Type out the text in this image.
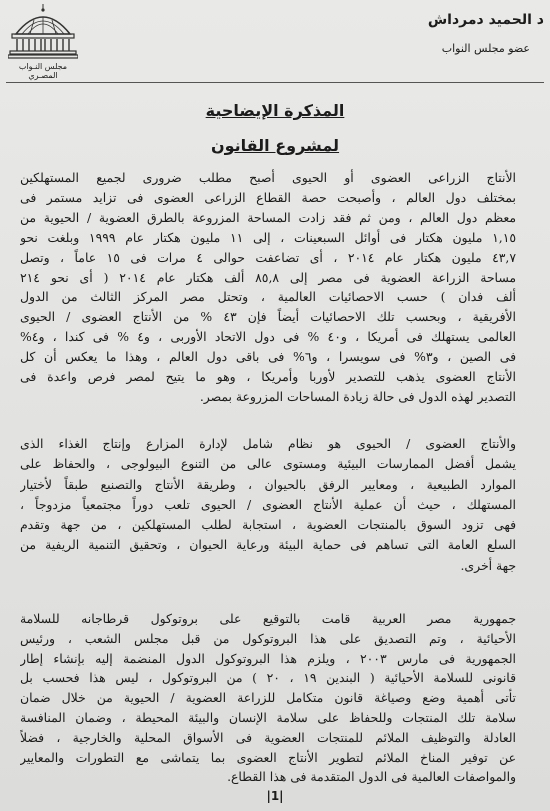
د الحميد دمرداش
عضو مجلس النواب
مجلس النـواب المصـري
المذكرة الإيضاحية
لمشروع القانون
الأنتاج الزراعى العضوى أو الحيوى أصبح مطلب ضرورى لجميع المستهلكين
بمختلف دول العالم ، وأصبحت حصة القطاع الزراعى العضوى فى تزايد مستمر فى
معظم دول العالم ، ومن ثم فقد زادت المساحة المزروعة بالطرق العضوية / الحيوية من
١,١٥ مليون هكتار فى أوائل السبعينات ، إلى ١١ مليون هكتار عام ١٩٩٩ وبلغت نحو
٤٣,٧ مليون هكتار عام ٢٠١٤ ، أى تضاعفت حوالى ٤ مرات فى ١٥ عاماً ، وتصل
مساحة الزراعة العضوية فى مصر إلى ٨٥,٨ ألف هكتار عام ٢٠١٤ ( أى نحو ٢١٤
ألف فدان ) حسب الاحصائيات العالمية ، وتحتل مصر المركز الثالث من الدول
الأفريقية ، وبحسب تلك الاحصائيات أيضاً فإن ٤٣ % من الأنتاج العضوى / الحيوى
العالمى يستهلك فى أمريكا ، و٤٠ % فى دول الاتحاد الأوربى ، و٤ % فى كندا ، و٤%
فى الصين ، و٣% فى سويسرا ، و٦% فى باقى دول العالم ، وهذا ما يعكس أن كل
الأنتاج العضوى يذهب للتصدير لأوربا وأمريكا ، وهو ما يتيح لمصر فرص واعدة فى
التصدير لهذه الدول فى حالة زيادة المساحات المزروعة بمصر.
والأنتاج العضوى / الحيوى هو نظام شامل لإدارة المزارع وإنتاج الغذاء الذى
يشمل أفضل الممارسات البيئية ومستوى عالى من التنوع البيولوجى ، والحفاظ على
الموارد الطبيعية ، ومعايير الرفق بالحيوان ، وطريقة الأنتاج والتصنيع طبقاً لأختيار
المستهلك ، حيث أن عملية الأنتاج العضوى / الحيوى تلعب دوراً مجتمعياً مزدوجاً ،
فهى تزود السوق بالمنتجات العضوية ، استجابة لطلب المستهلكين ، من جهة وتقدم
السلع العامة التى تساهم فى حماية البيئة ورعاية الحيوان ، وتحقيق التنمية الريفية من
جهة أخرى.
جمهورية مصر العربية قامت بالتوقيع على بروتوكول قرطاجانه للسلامة
الأحيائية ، وتم التصديق على هذا البروتوكول من قبل مجلس الشعب ، ورئيس
الجمهورية فى مارس ٢٠٠٣ ، ويلزم هذا البروتوكول الدول المنضمة إليه بإنشاء إطار
قانونى للسلامة الأحيائية ( البندين ١٩ ، ٢٠ ) من البروتوكول ، ليس هذا فحسب بل
تأتى أهمية وضع وصياغة قانون متكامل للزراعة العضوية / الحيوية من خلال ضمان
سلامة تلك المنتجات وللحفاظ على سلامة الإنسان والبيئة المحيطة ، وضمان المنافسة
العادلة والتوظيف الملائم للمنتجات العضوية فى الأسواق المحلية والخارجية ، فضلاً
عن توفير المناخ الملائم لتطوير الأنتاج العضوى بما يتماشى مع التطورات والمعايير
والمواصفات العالمية فى الدول المتقدمة فى هذا القطاع.
|1|
